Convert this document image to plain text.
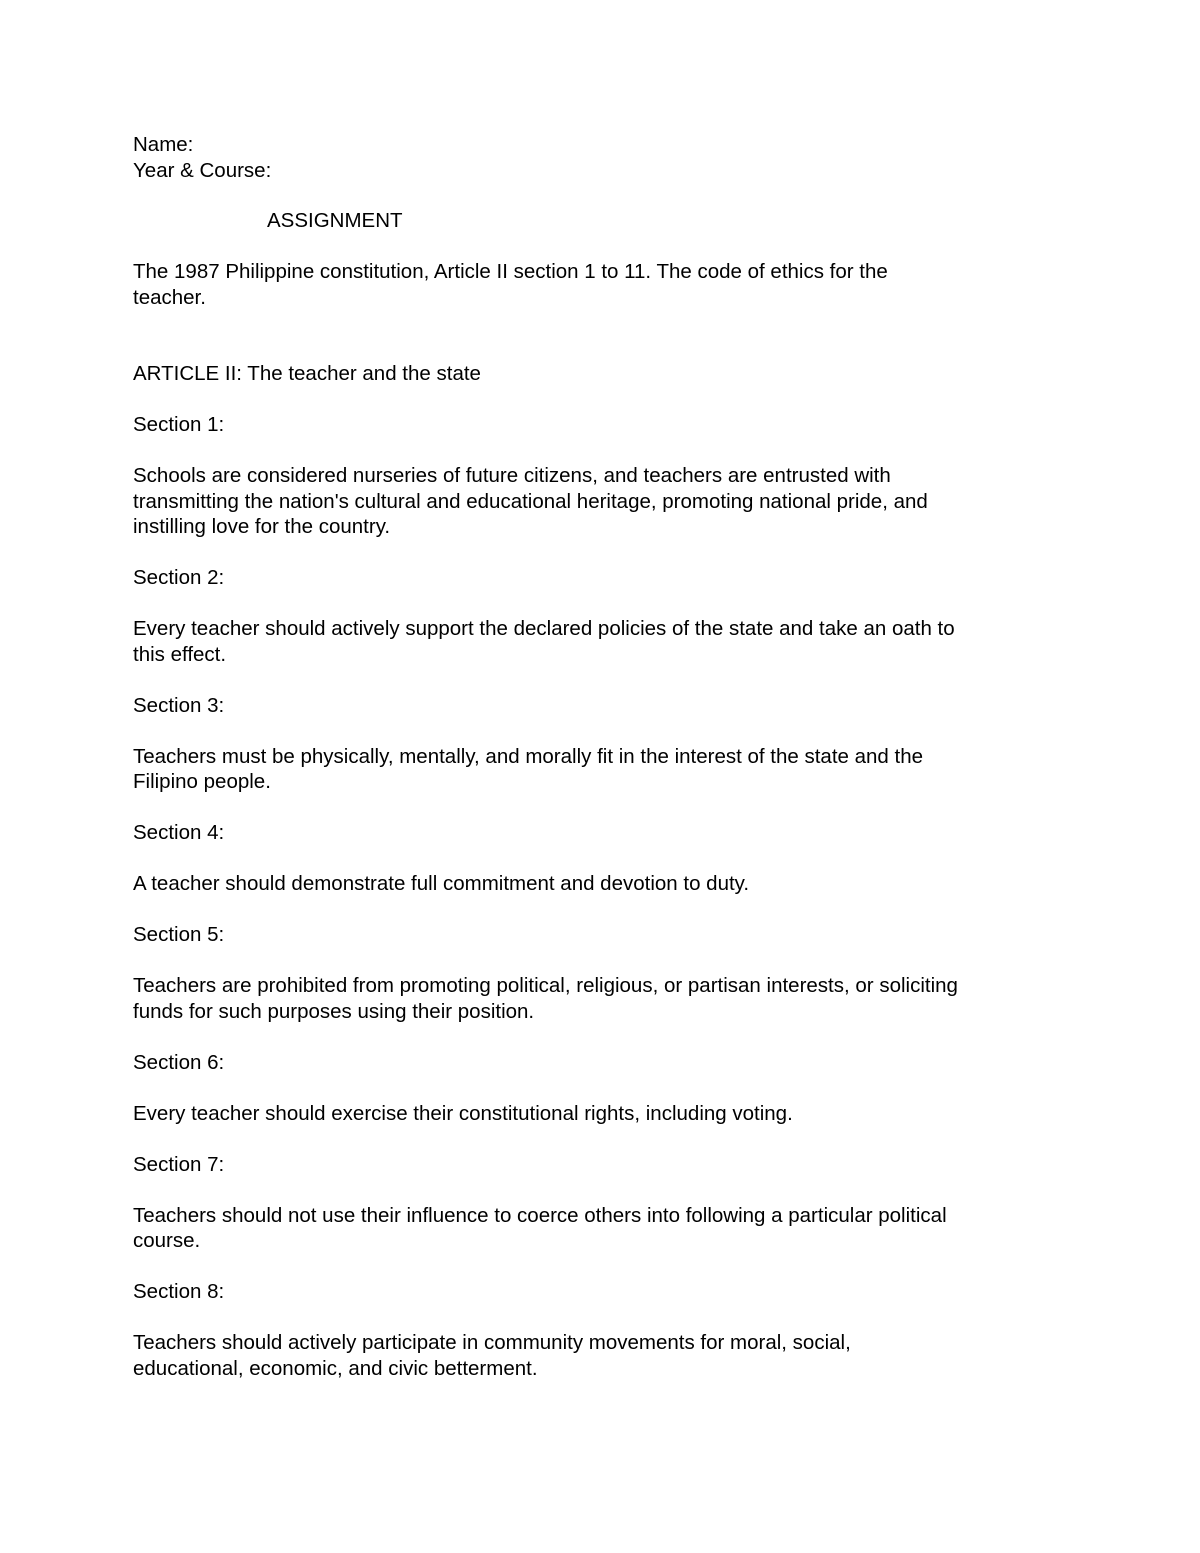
Name:
Year & Course:
ASSIGNMENT

The 1987 Philippine constitution, Article II section 1 to 11. The code of ethics for the teacher.

ARTICLE II: The teacher and the state

Section 1:

Schools are considered nurseries of future citizens, and teachers are entrusted with transmitting the nation's cultural and educational heritage, promoting national pride, and instilling love for the country.

Section 2:

Every teacher should actively support the declared policies of the state and take an oath to this effect.

Section 3:

Teachers must be physically, mentally, and morally fit in the interest of the state and the Filipino people.

Section 4:

A teacher should demonstrate full commitment and devotion to duty.

Section 5:

Teachers are prohibited from promoting political, religious, or partisan interests, or soliciting funds for such purposes using their position.

Section 6:

Every teacher should exercise their constitutional rights, including voting.

Section 7:

Teachers should not use their influence to coerce others into following a particular political course.

Section 8:

Teachers should actively participate in community movements for moral, social, educational, economic, and civic betterment.
